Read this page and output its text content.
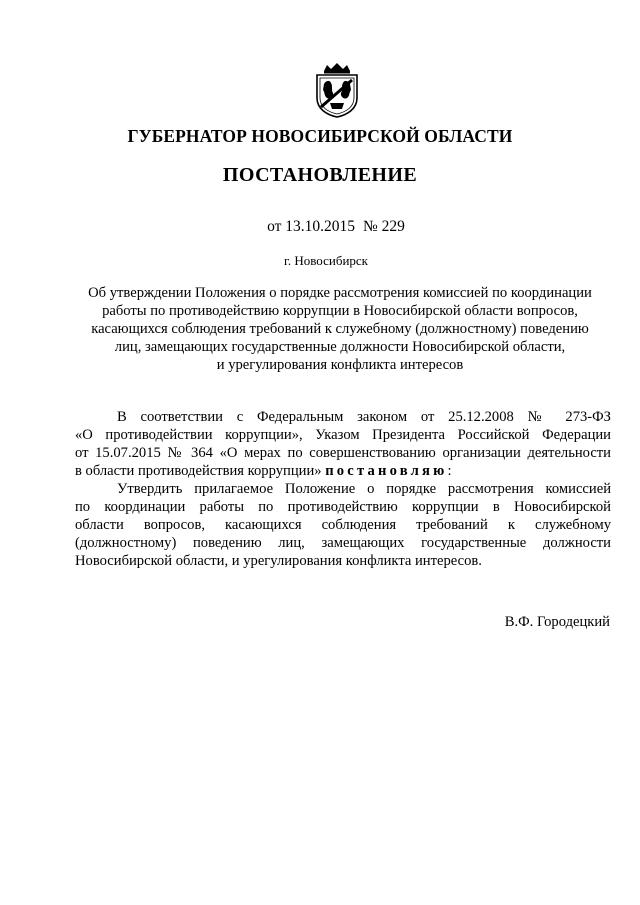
ГУБЕРНАТОР НОВОСИБИРСКОЙ ОБЛАСТИ
ПОСТАНОВЛЕНИЕ
от 13.10.2015 № 229
г. Новосибирск
Об утверждении Положения о порядке рассмотрения комиссией по координации
работы по противодействию коррупции в Новосибирской области вопросов,
касающихся соблюдения требований к служебному (должностному) поведению
лиц, замещающих государственные должности Новосибирской области,
и урегулирования конфликта интересов
В соответствии с Федеральным законом от 25.12.2008 № 273-ФЗ
«О противодействии коррупции», Указом Президента Российской Федерации
от 15.07.2015 № 364 «О мерах по совершенствованию организации деятельности
в области противодействия коррупции» постановляю:
Утвердить прилагаемое Положение о порядке рассмотрения комиссией
по координации работы по противодействию коррупции в Новосибирской
области вопросов, касающихся соблюдения требований к служебному
(должностному) поведению лиц, замещающих государственные должности
Новосибирской области, и урегулирования конфликта интересов.
В.Ф. Городецкий
